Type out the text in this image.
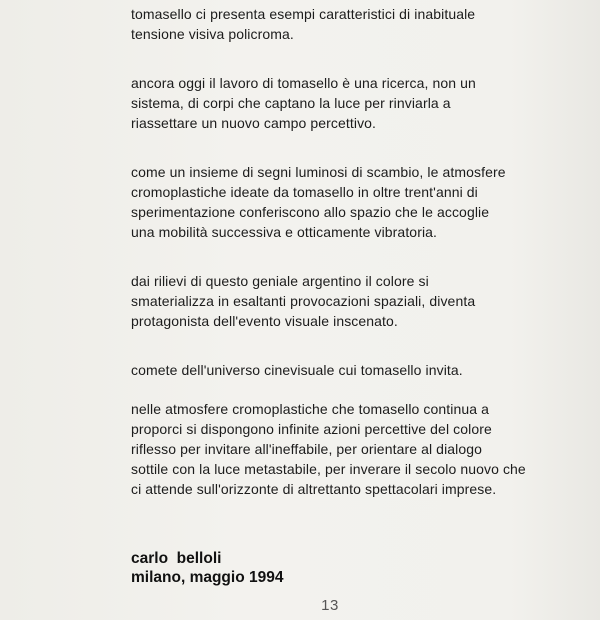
tomasello ci presenta esempi caratteristici di inabituale
tensione visiva policroma.

ancora oggi il lavoro di tomasello è una ricerca, non un
sistema, di corpi che captano la luce per rinviarla a
riassettare un nuovo campo percettivo.

come un insieme di segni luminosi di scambio, le atmosfere
cromoplastiche ideate da tomasello in oltre trent'anni di
sperimentazione conferiscono allo spazio che le accoglie
una mobilità successiva e otticamente vibratoria.

dai rilievi di questo geniale argentino il colore si
smaterializza in esaltanti provocazioni spaziali, diventa
protagonista dell'evento visuale inscenato.

comete dell'universo cinevisuale cui tomasello invita.

nelle atmosfere cromoplastiche che tomasello continua a
proporci si dispongono infinite azioni percettive del colore
riflesso per invitare all'ineffabile, per orientare al dialogo
sottile con la luce metastabile, per inverare il secolo nuovo che
ci attende sull'orizzonte di altrettanto spettacolari imprese.

carlo  belloli
milano, maggio 1994
13
